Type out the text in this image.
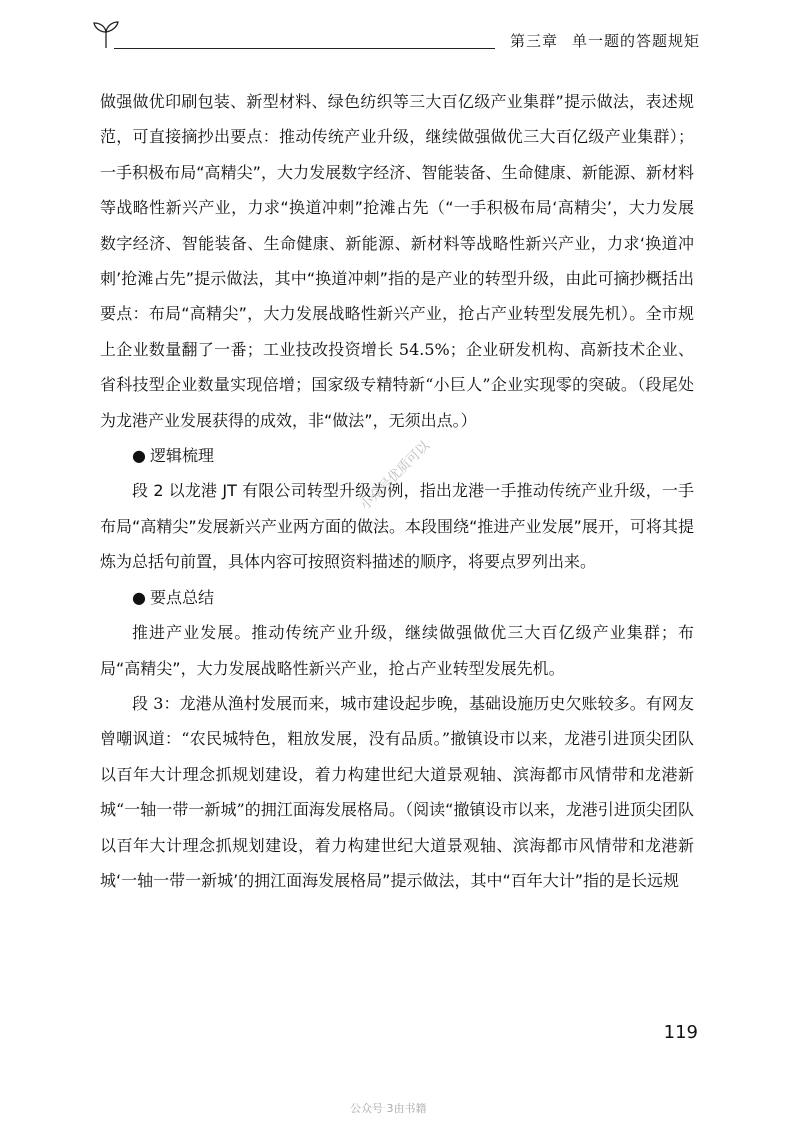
第三章 单一题的答题规矩

做强做优印刷包装、新型材料、绿色纺织等三大百亿级产业集群”提示做法，表述规范，可直接摘抄出要点：推动传统产业升级，继续做强做优三大百亿级产业集群）；一手积极布局“高精尖”，大力发展数字经济、智能装备、生命健康、新能源、新材料等战略性新兴产业，力求“换道冲刺”抢滩占先（“一手积极布局‘高精尖’，大力发展数字经济、智能装备、生命健康、新能源、新材料等战略性新兴产业，力求‘换道冲刺’抢滩占先”提示做法，其中“换道冲刺”指的是产业的转型升级，由此可摘抄概括出要点：布局“高精尖”，大力发展战略性新兴产业，抢占产业转型发展先机）。全市规上企业数量翻了一番；工业技改投资增长 54.5%；企业研发机构、高新技术企业、省科技型企业数量实现倍增；国家级专精特新“小巨人”企业实现零的突破。（段尾处为龙港产业发展获得的成效，非“做法”，无须出点。）

● 逻辑梳理

段 2 以龙港 JT 有限公司转型升级为例，指出龙港一手推动传统产业升级，一手布局“高精尖”发展新兴产业两方面的做法。本段围绕“推进产业发展”展开，可将其提炼为总括句前置，具体内容可按照资料描述的顺序，将要点罗列出来。

● 要点总结

推进产业发展。推动传统产业升级，继续做强做优三大百亿级产业集群；布局“高精尖”，大力发展战略性新兴产业，抢占产业转型发展先机。

段 3：龙港从渔村发展而来，城市建设起步晚，基础设施历史欠账较多。有网友曾嘲讽道：“农民城特色，粗放发展，没有品质。”撤镇设市以来，龙港引进顶尖团队以百年大计理念抓规划建设，着力构建世纪大道景观轴、滨海都市风情带和龙港新城“一轴一带一新城”的拥江面海发展格局。（阅读“撤镇设市以来，龙港引进顶尖团队以百年大计理念抓规划建设，着力构建世纪大道景观轴、滨海都市风情带和龙港新城‘一轴一带一新城’的拥江面海发展格局”提示做法，其中“百年大计”指的是长远规

小众号优质可以
119
公众号 3由书籍
